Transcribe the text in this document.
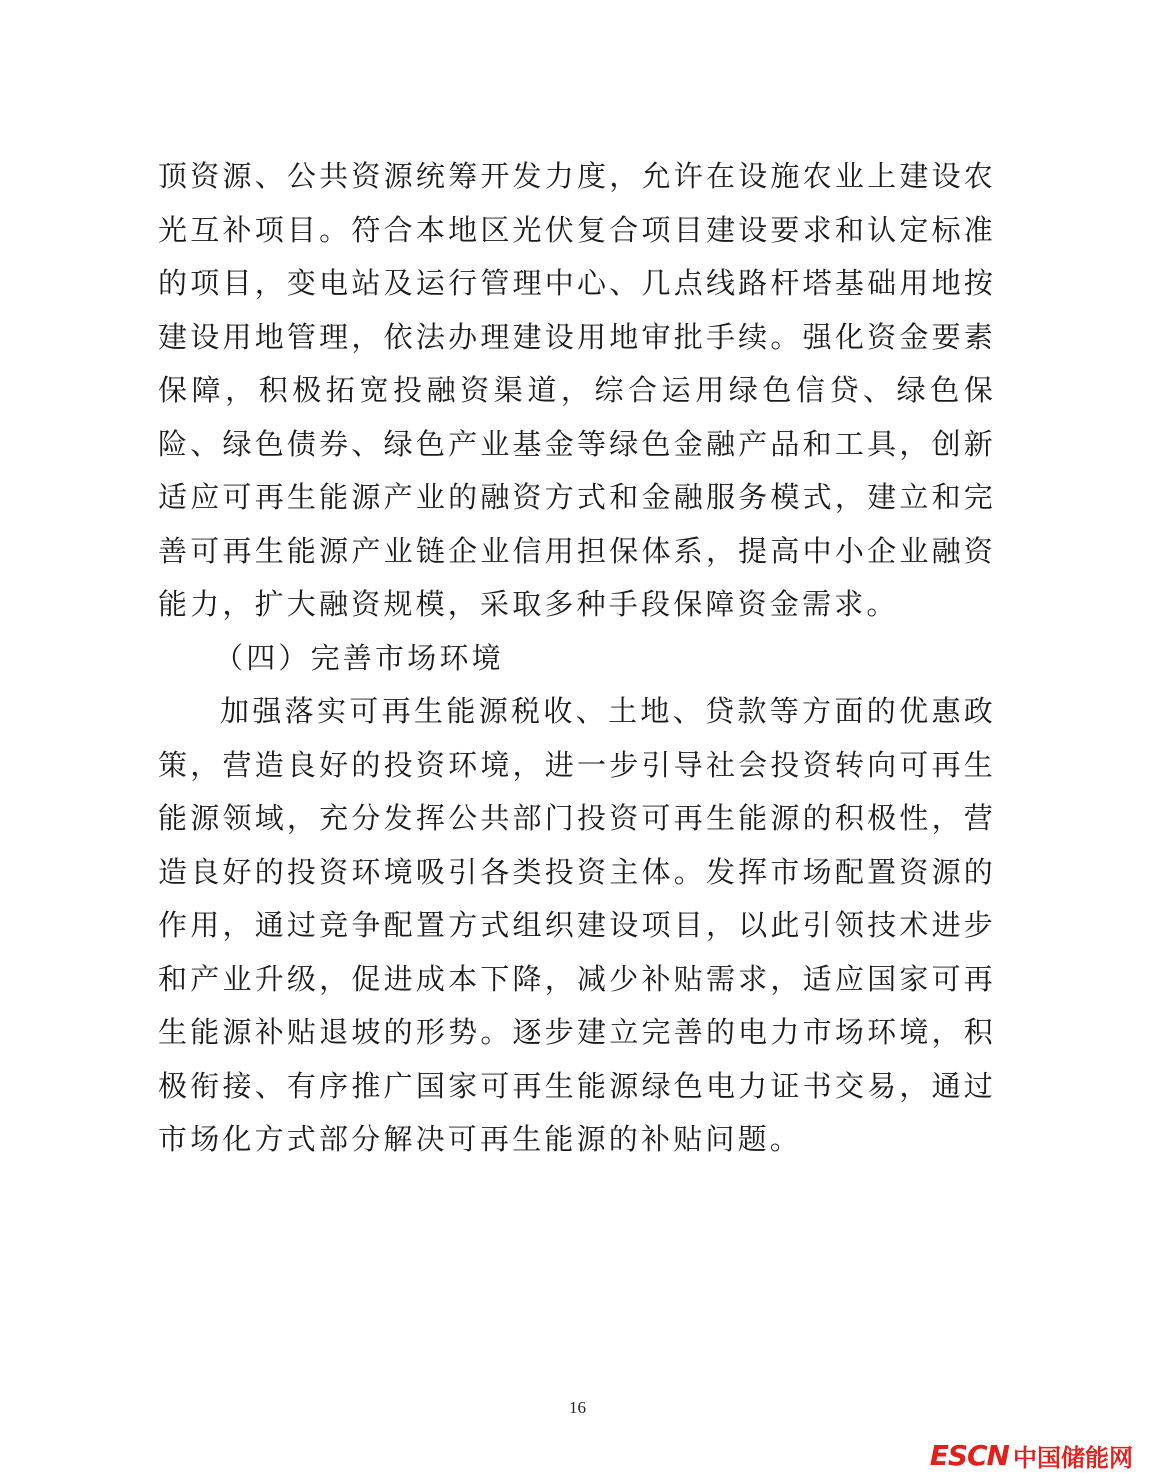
顶资源、公共资源统筹开发力度，允许在设施农业上建设农光互补项目。符合本地区光伏复合项目建设要求和认定标准的项目，变电站及运行管理中心、几点线路杆塔基础用地按建设用地管理，依法办理建设用地审批手续。强化资金要素保障，积极拓宽投融资渠道，综合运用绿色信贷、绿色保险、绿色债券、绿色产业基金等绿色金融产品和工具，创新适应可再生能源产业的融资方式和金融服务模式，建立和完善可再生能源产业链企业信用担保体系，提高中小企业融资能力，扩大融资规模，采取多种手段保障资金需求。

（四）完善市场环境

加强落实可再生能源税收、土地、贷款等方面的优惠政策，营造良好的投资环境，进一步引导社会投资转向可再生能源领域，充分发挥公共部门投资可再生能源的积极性，营造良好的投资环境吸引各类投资主体。发挥市场配置资源的作用，通过竞争配置方式组织建设项目，以此引领技术进步和产业升级，促进成本下降，减少补贴需求，适应国家可再生能源补贴退坡的形势。逐步建立完善的电力市场环境，积极衔接、有序推广国家可再生能源绿色电力证书交易，通过市场化方式部分解决可再生能源的补贴问题。

16
ESCN 中国储能网
